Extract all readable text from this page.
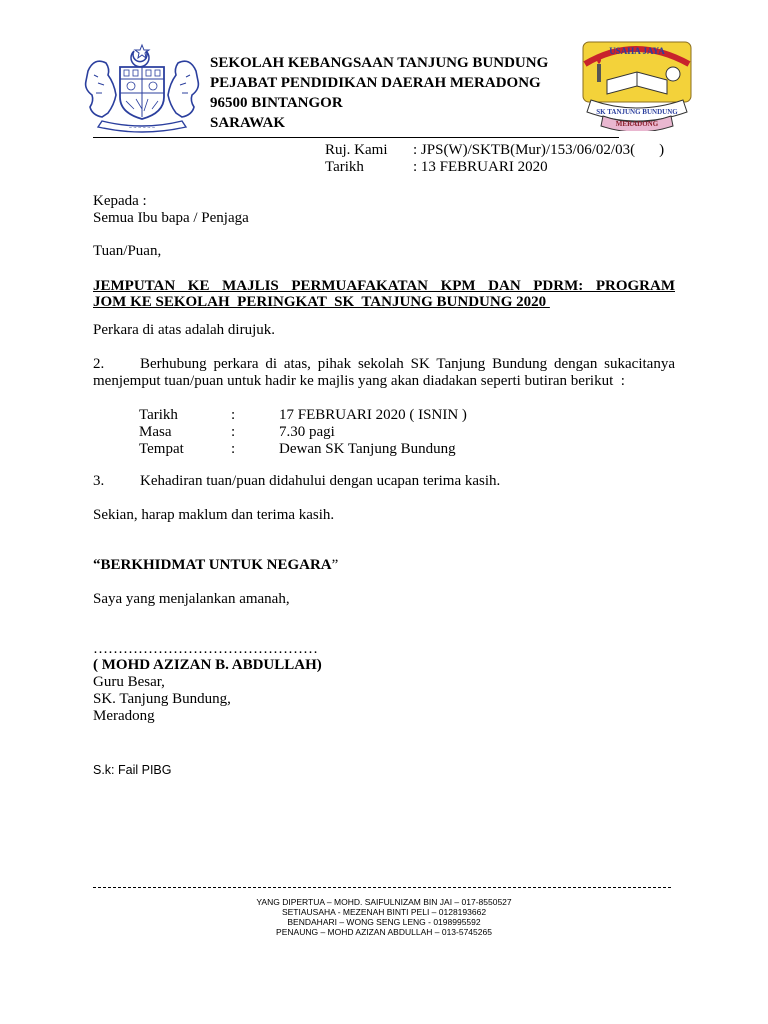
~ ~ ~ ~ ~ ~
SEKOLAH KEBANGSAAN TANJUNG BUNDUNG
PEJABAT PENDIDIKAN DAERAH MERADONG
96500 BINTANGOR
SARAWAK
USAHA JAYA
SK TANJUNG BUNDUNG
MERADONG
Ruj. Kami	: JPS(W)/SKTB(Mur)/153/06/02/03( )
Tarikh	: 13 FEBRUARI 2020
Kepada :
Semua Ibu bapa / Penjaga
Tuan/Puan,
JEMPUTAN KE MAJLIS PERMUAFAKATAN KPM DAN PDRM: PROGRAM
JOM KE SEKOLAH  PERINGKAT  SK  TANJUNG BUNDUNG 2020
Perkara di atas adalah dirujuk.
2.	Berhubung perkara di atas, pihak sekolah SK Tanjung Bundung dengan sukacitanya
menjemput tuan/puan untuk hadir ke majlis yang akan diadakan seperti butiran berikut  :
Tarikh	:	17 FEBRUARI 2020 ( ISNIN )
Masa	:	7.30 pagi
Tempat	:	Dewan SK Tanjung Bundung
3.	Kehadiran tuan/puan didahului dengan ucapan terima kasih.
Sekian, harap maklum dan terima kasih.
“BERKHIDMAT UNTUK NEGARA”
Saya yang menjalankan amanah,
………………………………………
( MOHD AZIZAN B. ABDULLAH)
Guru Besar,
SK. Tanjung Bundung,
Meradong
S.k: Fail PIBG
YANG DIPERTUA – MOHD. SAIFULNIZAM BIN JAI – 017-8550527
SETIAUSAHA - MEZENAH BINTI PELI – 0128193662
BENDAHARI – WONG SENG LENG - 0198995592
PENAUNG – MOHD AZIZAN ABDULLAH – 013-5745265
